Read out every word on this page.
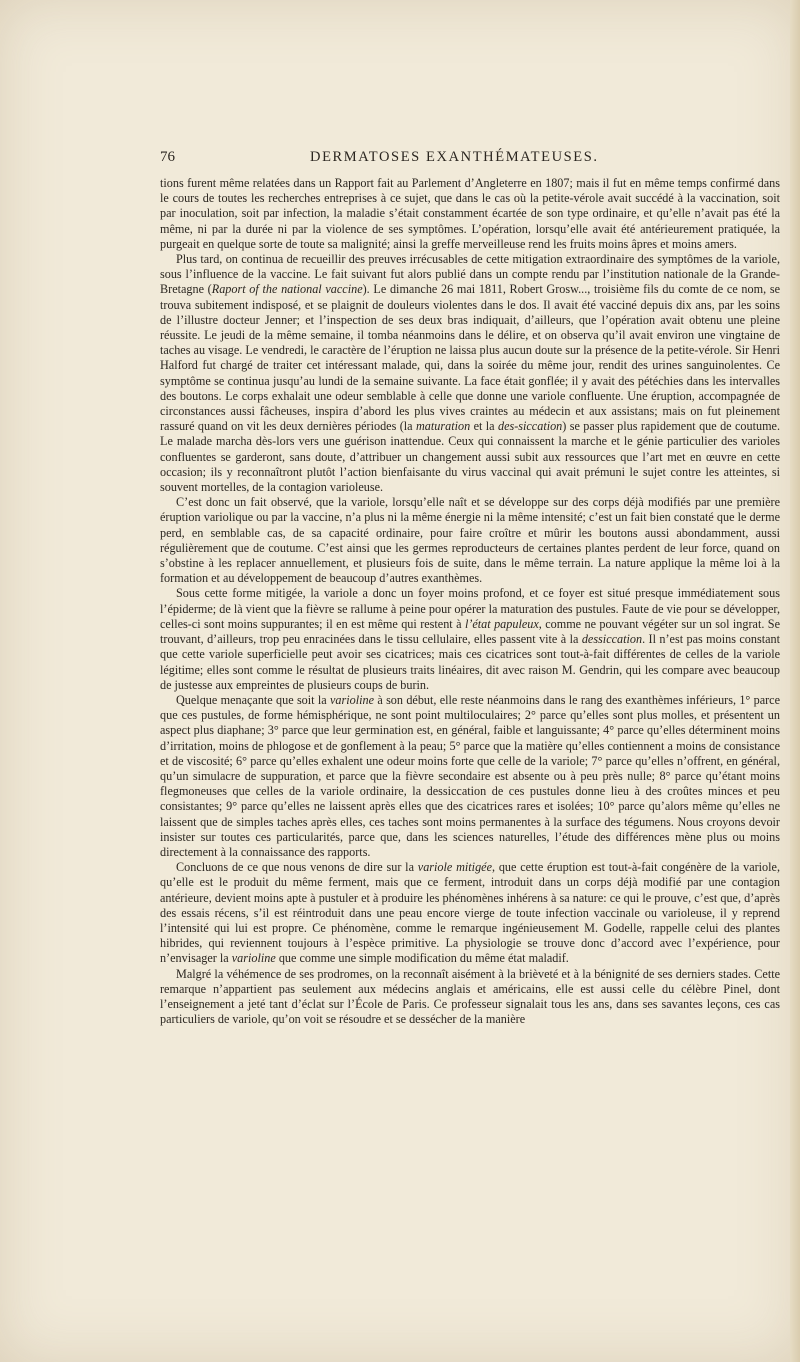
76	DERMATOSES EXANTHÉMATEUSES.

tions furent même relatées dans un Rapport fait au Parlement d’Angleterre en 1807; mais il fut en même temps confirmé dans le cours de toutes les recherches entreprises à ce sujet, que dans le cas où la petite-vérole avait succédé à la vaccination, soit par inoculation, soit par infection, la maladie s’était constamment écartée de son type ordinaire, et qu’elle n’avait pas été la même, ni par la durée ni par la violence de ses symptômes. L’opération, lorsqu’elle avait été antérieurement pratiquée, la purgeait en quelque sorte de toute sa malignité; ainsi la greffe merveilleuse rend les fruits moins âpres et moins amers.

Plus tard, on continua de recueillir des preuves irrécusables de cette mitigation extraordinaire des symptômes de la variole, sous l’influence de la vaccine. Le fait suivant fut alors publié dans un compte rendu par l’institution nationale de la Grande-Bretagne (Raport of the national vaccine). Le dimanche 26 mai 1811, Robert Grosw..., troisième fils du comte de ce nom, se trouva subitement indisposé, et se plaignit de douleurs violentes dans le dos. Il avait été vacciné depuis dix ans, par les soins de l’illustre docteur Jenner; et l’inspection de ses deux bras indiquait, d’ailleurs, que l’opération avait obtenu une pleine réussite. Le jeudi de la même semaine, il tomba néanmoins dans le délire, et on observa qu’il avait environ une vingtaine de taches au visage. Le vendredi, le caractère de l’éruption ne laissa plus aucun doute sur la présence de la petite-vérole. Sir Henri Halford fut chargé de traiter cet intéressant malade, qui, dans la soirée du même jour, rendit des urines sanguinolentes. Ce symptôme se continua jusqu’au lundi de la semaine suivante. La face était gonflée; il y avait des pétéchies dans les intervalles des boutons. Le corps exhalait une odeur semblable à celle que donne une variole confluente. Une éruption, accompagnée de circonstances aussi fâcheuses, inspira d’abord les plus vives craintes au médecin et aux assistans; mais on fut pleinement rassuré quand on vit les deux dernières périodes (la maturation et la des-siccation) se passer plus rapidement que de coutume. Le malade marcha dès-lors vers une guérison inattendue. Ceux qui connaissent la marche et le génie particulier des varioles confluentes se garderont, sans doute, d’attribuer un changement aussi subit aux ressources que l’art met en œuvre en cette occasion; ils y reconnaîtront plutôt l’action bienfaisante du virus vaccinal qui avait prémuni le sujet contre les atteintes, si souvent mortelles, de la contagion varioleuse.

C’est donc un fait observé, que la variole, lorsqu’elle naît et se développe sur des corps déjà modifiés par une première éruption variolique ou par la vaccine, n’a plus ni la même énergie ni la même intensité; c’est un fait bien constaté que le derme perd, en semblable cas, de sa capacité ordinaire, pour faire croître et mûrir les boutons aussi abondamment, aussi régulièrement que de coutume. C’est ainsi que les germes reproducteurs de certaines plantes perdent de leur force, quand on s’obstine à les replacer annuellement, et plusieurs fois de suite, dans le même terrain. La nature applique la même loi à la formation et au développement de beaucoup d’autres exanthèmes.

Sous cette forme mitigée, la variole a donc un foyer moins profond, et ce foyer est situé presque immédiatement sous l’épiderme; de là vient que la fièvre se rallume à peine pour opérer la maturation des pustules. Faute de vie pour se développer, celles-ci sont moins suppurantes; il en est même qui restent à l’état papuleux, comme ne pouvant végéter sur un sol ingrat. Se trouvant, d’ailleurs, trop peu enracinées dans le tissu cellulaire, elles passent vite à la dessiccation. Il n’est pas moins constant que cette variole superficielle peut avoir ses cicatrices; mais ces cicatrices sont tout-à-fait différentes de celles de la variole légitime; elles sont comme le résultat de plusieurs traits linéaires, dit avec raison M. Gendrin, qui les compare avec beaucoup de justesse aux empreintes de plusieurs coups de burin.

Quelque menaçante que soit la varioline à son début, elle reste néanmoins dans le rang des exanthèmes inférieurs, 1° parce que ces pustules, de forme hémisphérique, ne sont point multiloculaires; 2° parce qu’elles sont plus molles, et présentent un aspect plus diaphane; 3° parce que leur germination est, en général, faible et languissante; 4° parce qu’elles déterminent moins d’irritation, moins de phlogose et de gonflement à la peau; 5° parce que la matière qu’elles contiennent a moins de consistance et de viscosité; 6° parce qu’elles exhalent une odeur moins forte que celle de la variole; 7° parce qu’elles n’offrent, en général, qu’un simulacre de suppuration, et parce que la fièvre secondaire est absente ou à peu près nulle; 8° parce qu’étant moins flegmoneuses que celles de la variole ordinaire, la dessiccation de ces pustules donne lieu à des croûtes minces et peu consistantes; 9° parce qu’elles ne laissent après elles que des cicatrices rares et isolées; 10° parce qu’alors même qu’elles ne laissent que de simples taches après elles, ces taches sont moins permanentes à la surface des tégumens. Nous croyons devoir insister sur toutes ces particularités, parce que, dans les sciences naturelles, l’étude des différences mène plus ou moins directement à la connaissance des rapports.

Concluons de ce que nous venons de dire sur la variole mitigée, que cette éruption est tout-à-fait congénère de la variole, qu’elle est le produit du même ferment, mais que ce ferment, introduit dans un corps déjà modifié par une contagion antérieure, devient moins apte à pustuler et à produire les phénomènes inhérens à sa nature: ce qui le prouve, c’est que, d’après des essais récens, s’il est réintroduit dans une peau encore vierge de toute infection vaccinale ou varioleuse, il y reprend l’intensité qui lui est propre. Ce phénomène, comme le remarque ingénieusement M. Godelle, rappelle celui des plantes hibrides, qui reviennent toujours à l’espèce primitive. La physiologie se trouve donc d’accord avec l’expérience, pour n’envisager la varioline que comme une simple modification du même état maladif.

Malgré la véhémence de ses prodromes, on la reconnaît aisément à la brièveté et à la bénignité de ses derniers stades. Cette remarque n’appartient pas seulement aux médecins anglais et américains, elle est aussi celle du célèbre Pinel, dont l’enseignement a jeté tant d’éclat sur l’École de Paris. Ce professeur signalait tous les ans, dans ses savantes leçons, ces cas particuliers de variole, qu’on voit se résoudre et se dessécher de la manière
